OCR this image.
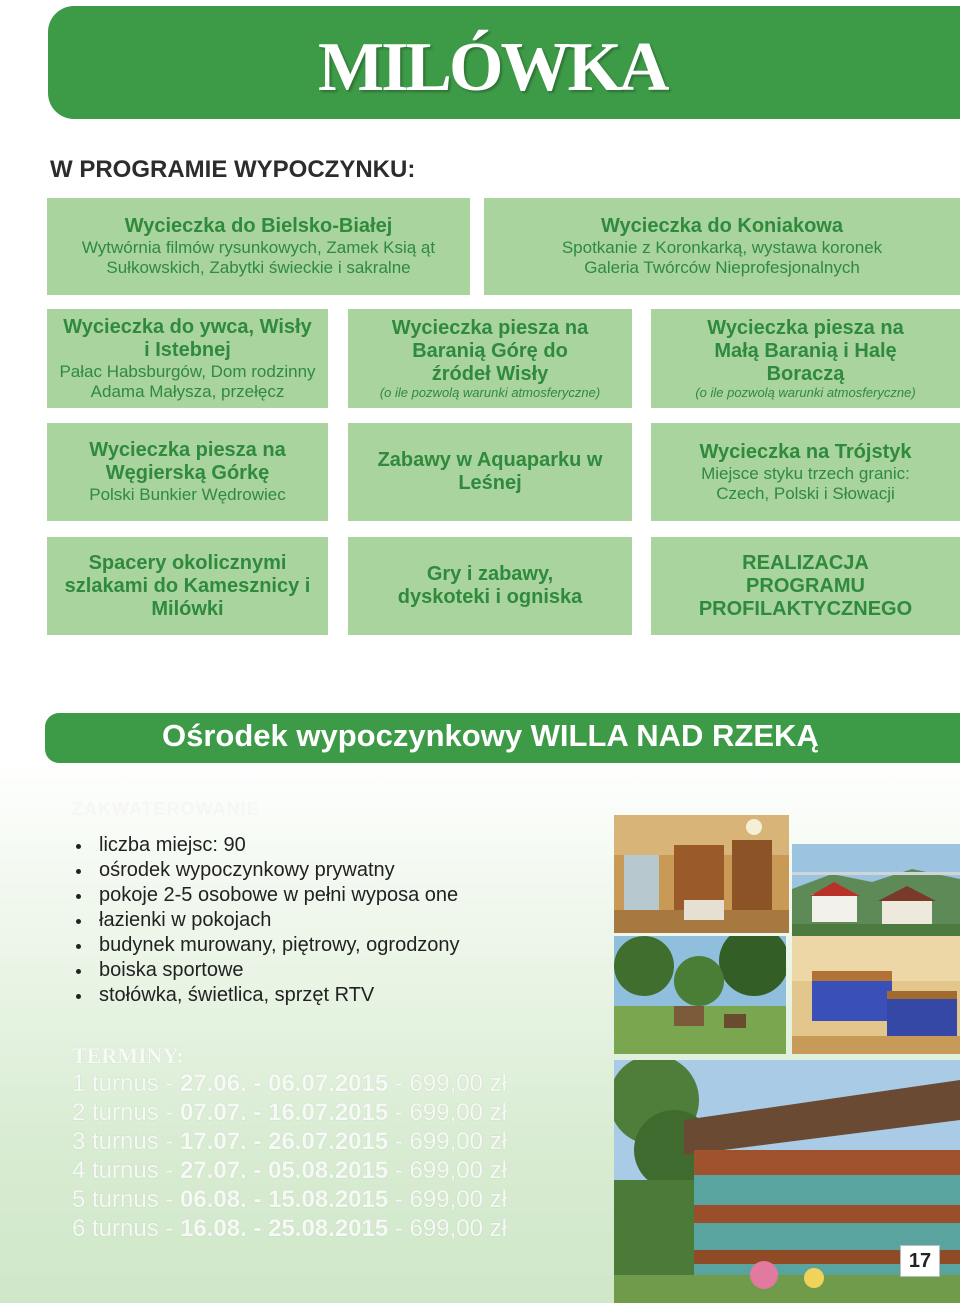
MILÓWKA
W PROGRAMIE WYPOCZYNKU:
Wycieczka do Bielsko-Białej
Wytwórnia filmów rysunkowych, Zamek Ksią ąt Sułkowskich, Zabytki świeckie i sakralne
Wycieczka do Koniakowa
Spotkanie z Koronkarką, wystawa koronek Galeria Twórców Nieprofesjonalnych
Wycieczka do ywca, Wisły i Istebnej
Pałac Habsburgów, Dom rodzinny Adama Małysza, przełęcz
Wycieczka piesza na Baranią Górę do źródeł Wisły
(o ile pozwolą warunki atmosferyczne)
Wycieczka piesza na Małą Baranią i Halę Boraczą
(o ile pozwolą warunki atmosferyczne)
Wycieczka piesza na Węgierską Górkę
Polski Bunkier Wędrowiec
Zabawy w Aquaparku w Leśnej
Wycieczka na Trójstyk
Miejsce styku trzech granic: Czech, Polski i Słowacji
Spacery okolicznymi szlakami do Kamesznicy i Milówki
Gry i zabawy, dyskoteki i ogniska
REALIZACJA PROGRAMU PROFILAKTYCZNEGO
Ośrodek wypoczynkowy WILLA NAD RZEKĄ
ZAKWATEROWANIE
liczba miejsc: 90
ośrodek wypoczynkowy prywatny
pokoje 2-5 osobowe w pełni wyposa one
łazienki w pokojach
budynek murowany, piętrowy, ogrodzony
boiska sportowe
stołówka, świetlica, sprzęt RTV
TERMINY:
1 turnus - 27.06. - 06.07.2015 - 699,00 zł
2 turnus - 07.07. - 16.07.2015 - 699,00 zł
3 turnus - 17.07. - 26.07.2015 - 699,00 zł
4 turnus - 27.07. - 05.08.2015 - 699,00 zł
5 turnus - 06.08. - 15.08.2015 - 699,00 zł
6 turnus - 16.08. - 25.08.2015 - 699,00 zł
17
